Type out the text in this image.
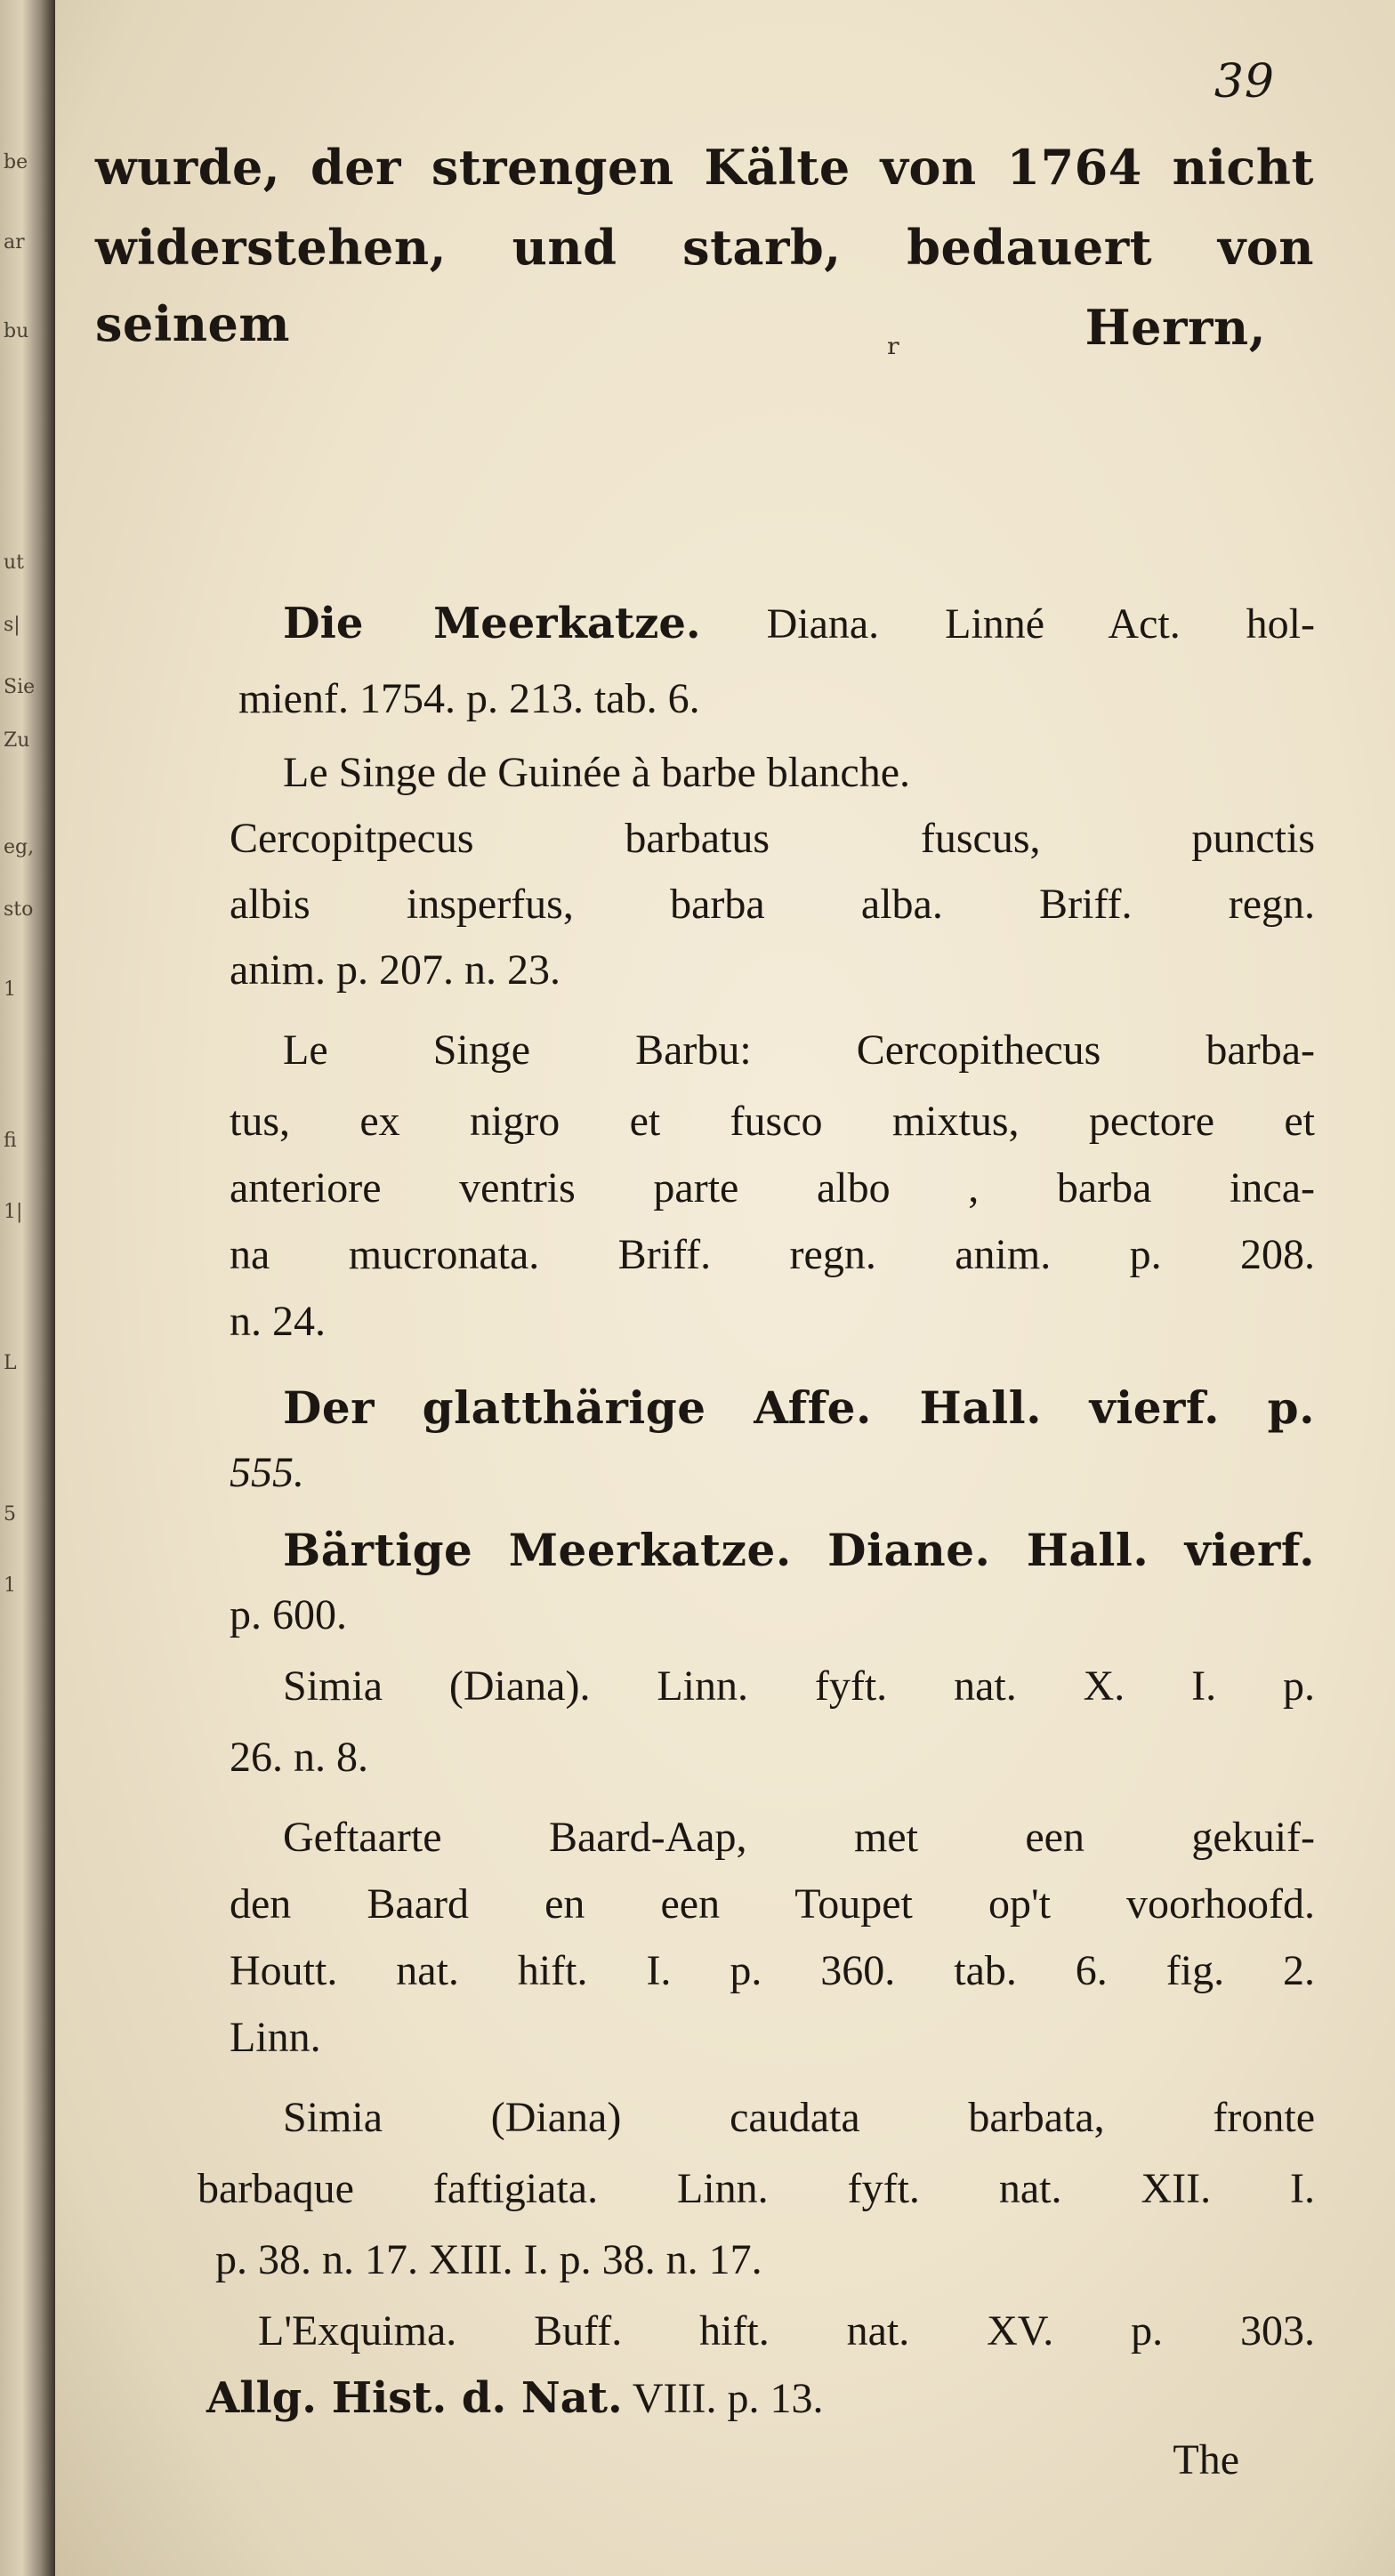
be
ar
bu
ut
s|
Sie
Zu
eg,
sto
1
fi
1|
L
5
1
39
wurde, der strengen Kälte von 1764 nicht
widerstehen, und starb, bedauert von seinem	Herrn,
ʳ
Die Meerkatze. Diana. Linné Act. hol-
mienf. 1754. p. 213. tab. 6.
Le Singe de Guinée à barbe blanche.
Cercopitpecus barbatus fuscus, punctis
albis insperfus, barba alba. Briff. regn.
anim. p. 207. n. 23.
Le Singe Barbu: Cercopithecus barba-
tus, ex nigro et fusco mixtus, pectore et
anteriore ventris parte albo , barba inca-
na mucronata. Briff. regn. anim. p. 208.
n. 24.
Der glatthärige Affe. Hall. vierf. p.
555.
Bärtige Meerkatze. Diane. Hall. vierf.
p. 600.
Simia (Diana). Linn. fyft. nat. X. I. p.
26. n. 8.
Geftaarte Baard-Aap, met een gekuif-
den Baard en een Toupet op't voorhoofd.
Houtt. nat. hift. I. p. 360. tab. 6. fig. 2.
Linn.
Simia (Diana) caudata barbata, fronte
barbaque faftigiata. Linn. fyft. nat. XII. I.
p. 38. n. 17. XIII. I. p. 38. n. 17.
L'Exquima. Buff. hift. nat. XV. p. 303.
Allg. Hist. d. Nat. VIII. p. 13.
The
